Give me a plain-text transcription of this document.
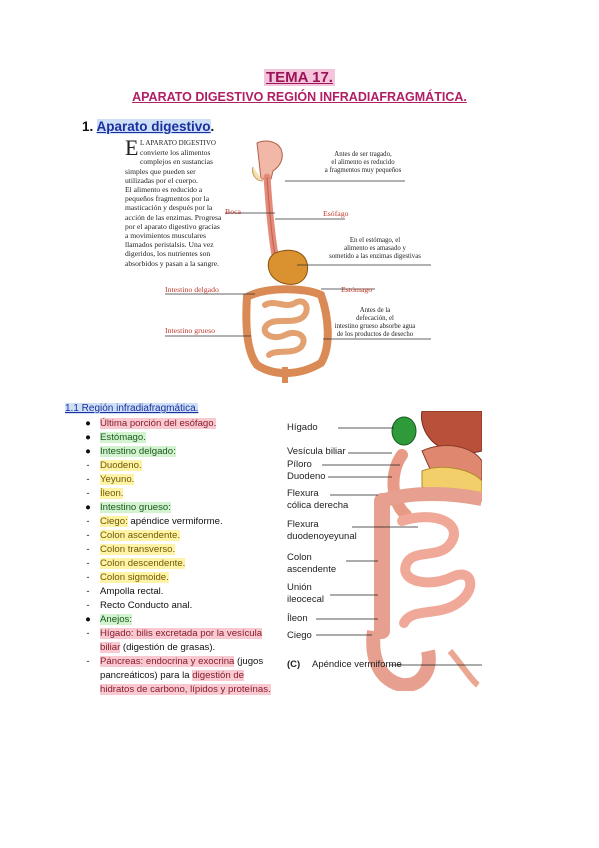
TEMA 17.
APARATO DIGESTIVO REGIÓN INFRADIAFRAGMÁTICA.
1. Aparato digestivo.
E L APARATO DIGESTIVO
convierte los alimentos
complejos en sustancias
simples que pueden ser
utilizadas por el cuerpo.
El alimento es reducido a
pequeños fragmentos por la
masticación y después por la
acción de las enzimas. Progresa
por el aparato digestivo gracias
a movimientos musculares
llamados peristalsis. Una vez
digeridos, los nutrientes son
absorbidos y pasan a la sangre.
Boca	Esófago
Estómago
Intestino delgado
Intestino grueso
Antes de ser tragado,
el alimento es reducido
a fragmentos muy pequeños
En el estómago, el
alimento es amasado y
sometido a las enzimas digestivas
Antes de la
defecación, el
intestino grueso absorbe agua
de los productos de desecho
1.1 Región infradiafragmática.
● Última porción del esófago.
● Estómago.
● Intestino delgado:
-	Duodeno.
-	Yeyuno.
-	Íleon.
● Intestino grueso:
-	Ciego: apéndice vermiforme.
-	Colon ascendente.
-	Colon transverso.
-	Colon descendente.
-	Colon sigmoide.
-	Ampolla rectal.
-	Recto Conducto anal.
● Anejos:
-	Hígado: bilis excretada por la vesícula biliar (digestión de grasas).
-	Páncreas: endocrina y exocrina (jugos pancreáticos) para la digestión de hidratos de carbono, lípidos y proteínas.
Hígado
Vesícula biliar
Píloro
Duodeno
Flexura
cólica derecha
Flexura
duodenoyeyunal
Colon
ascendente
Unión
ileocecal
Íleon
Ciego
(C) Apéndice vermiforme
